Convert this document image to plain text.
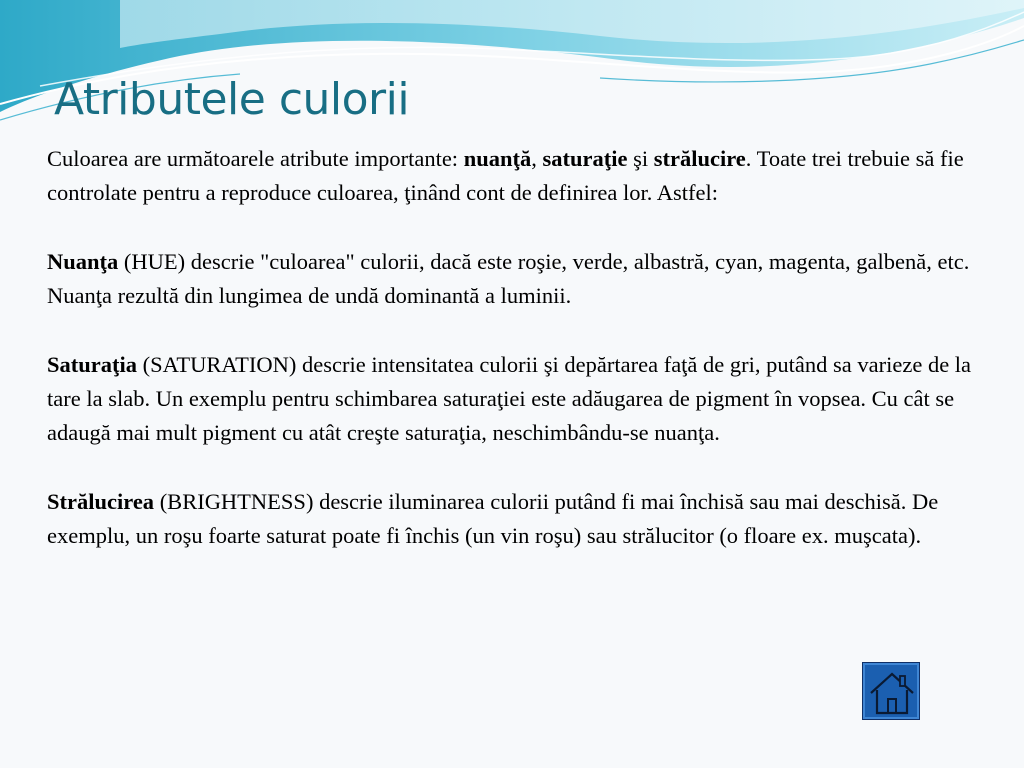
Atributele culorii

Culoarea are următoarele atribute importante: nuanţă, saturaţie şi strălucire. Toate trei trebuie să fie controlate pentru a reproduce culoarea, ţinând cont de definirea lor. Astfel:

Nuanţa (HUE) descrie "culoarea" culorii, dacă este roşie, verde, albastră, cyan, magenta, galbenă, etc. Nuanţa rezultă din lungimea de undă dominantă a luminii.

Saturaţia (SATURATION) descrie intensitatea culorii şi depărtarea faţă de gri, putând sa varieze de la tare la slab. Un exemplu pentru schimbarea saturaţiei este adăugarea de pigment în vopsea. Cu cât se adaugă mai mult pigment cu atât creşte saturaţia, neschimbându-se nuanţa.

Strălucirea (BRIGHTNESS) descrie iluminarea culorii putând fi mai închisă sau mai deschisă. De exemplu, un roşu foarte saturat poate fi închis (un vin roşu) sau strălucitor (o floare ex. muşcata).
